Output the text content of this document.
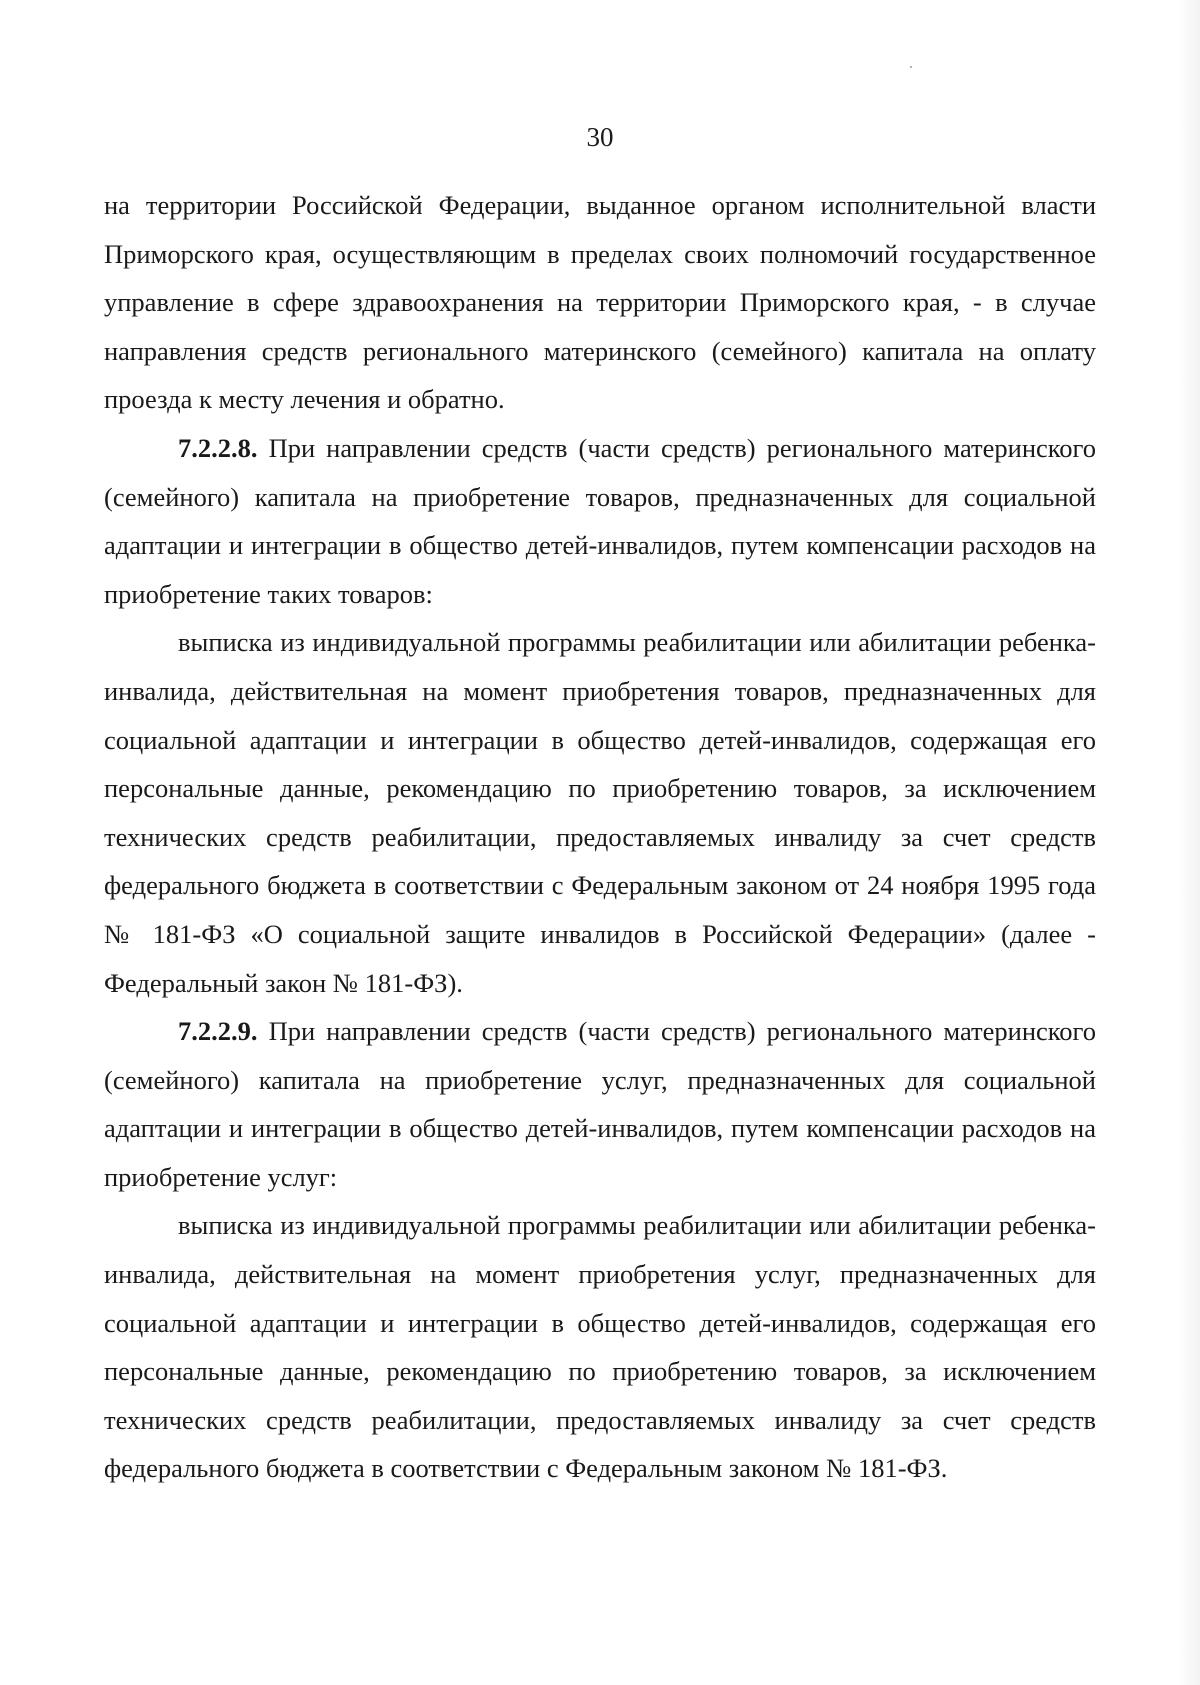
30

на территории Российской Федерации, выданное органом исполнительной власти Приморского края, осуществляющим в пределах своих полномочий государственное управление в сфере здравоохранения на территории Приморского края, - в случае направления средств регионального материнского (семейного) капитала на оплату проезда к месту лечения и обратно.

7.2.2.8. При направлении средств (части средств) регионального материнского (семейного) капитала на приобретение товаров, предназначенных для социальной адаптации и интеграции в общество детей-инвалидов, путем компенсации расходов на приобретение таких товаров:

выписка из индивидуальной программы реабилитации или абилитации ребенка-инвалида, действительная на момент приобретения товаров, предназначенных для социальной адаптации и интеграции в общество детей-инвалидов, содержащая его персональные данные, рекомендацию по приобретению товаров, за исключением технических средств реабилитации, предоставляемых инвалиду за счет средств федерального бюджета в соответствии с Федеральным законом от 24 ноября 1995 года № 181-ФЗ «О социальной защите инвалидов в Российской Федерации» (далее - Федеральный закон № 181-ФЗ).

7.2.2.9. При направлении средств (части средств) регионального материнского (семейного) капитала на приобретение услуг, предназначенных для социальной адаптации и интеграции в общество детей-инвалидов, путем компенсации расходов на приобретение услуг:

выписка из индивидуальной программы реабилитации или абилитации ребенка-инвалида, действительная на момент приобретения услуг, предназначенных для социальной адаптации и интеграции в общество детей-инвалидов, содержащая его персональные данные, рекомендацию по приобретению товаров, за исключением технических средств реабилитации, предоставляемых инвалиду за счет средств федерального бюджета в соответствии с Федеральным законом № 181-ФЗ.
